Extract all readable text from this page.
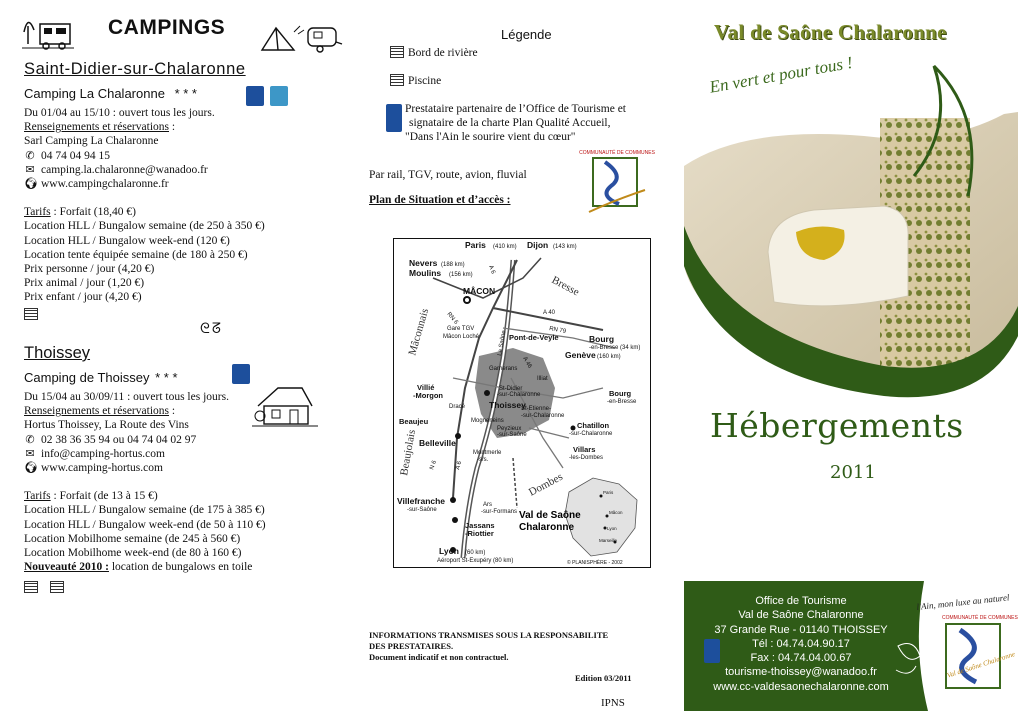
CAMPINGS
Saint-Didier-sur-Chalaronne
Camping La Chalaronne * * *

Du 01/04 au 15/10 : ouvert tous les jours.
Renseignements et réservations :
Sarl Camping La Chalaronne
✆ 04 74 04 94 15
✉ camping.la.chalaronne@wanadoo.fr
🌍︎ www.campingchalaronne.fr
Tarifs : Forfait (18,40 €)
Location HLL / Bungalow semaine (de 250 à 350 €)
Location HLL / Bungalow week-end (120 €)
Location tente équipée semaine (de 180 à 250 €)
Prix personne / jour (4,20 €)
Prix animal / jour (1,20 €)
Prix enfant / jour (4,20 €)
ᘓᘔ
Thoissey
Camping de Thoissey * * *
Du 15/04 au 30/09/11 : ouvert tous les jours.
Renseignements et réservations :
Hortus Thoissey, La Route des Vins
✆ 02 38 36 35 94 ou 04 74 04 02 97
✉ info@camping-hortus.com
🌍︎ www.camping-hortus.com
Tarifs : Forfait (de 13 à 15 €)
Location HLL / Bungalow semaine (de 175 à 385 €)
Location HLL / Bungalow week-end (de 50 à 110 €)
Location Mobilhome semaine (de 245 à 560 €)
Location Mobilhome week-end (de 80 à 160 €)
Nouveauté 2010 : location de bungalows en toile

Légende
Bord de rivière
Piscine
Prestataire partenaire de l’Office de Tourisme et
signataire de la charte Plan Qualité Accueil,
"Dans l'Ain le sourire vient du cœur"
Par rail, TGV, route, avion, fluvial
Plan de Situation et d’accès :
COMMUNAUTÉ DE COMMUNES
Paris (410 km) Dijon (143 km)
Nevers (188 km)
Moulins (156 km)
MÂCON	Bresse
Mâconnais	Gare TGV
Mâcon Loché	Pont-de-Veyle	Bourg
-en-Bresse (34 km)
Genève (160 km)
Garnerans
Illiat
St-Didier
-sur-Chalaronne
Thoissey
St-Etienne-
-sur-Chalaronne
Villié
-Morgon
Dracé
Mogneneins
Peyzieux
-sur-Saône
Beaujeu
Belleville
Montmerle
-s/s.
Chatillon
-sur-Chalaronne
Villars
-les-Dombes
Bourg
-en-Bresse
Beaujolais
Dombes
Villefranche
-sur-Saône
Ars
-sur-Formans
Jassans
-Riottier
Val de Saône
Chalaronne
Lyon (60 km)
Aéroport St-Exupéry (80 km)	© PLANISPHÈRE - 2002
Paris
Mâcon
Lyon
Marseille
A 6
A 40
RN 79
A 46
N 6
RN 6
A 6
La Saône
INFORMATIONS TRANSMISES SOUS LA RESPONSABILITE
DES PRESTATAIRES.
Document indicatif et non contractuel.
Edition 03/2011
IPNS
Val de Saône Chalaronne
En vert et pour tous !
Hébergements
2011
Office de Tourisme
Val de Saône Chalaronne
37 Grande Rue - 01140 THOISSEY
Tél : 04.74.04.90.17
Fax : 04.74.04.00.67
tourisme-thoissey@wanadoo.fr
www.cc-valdesaonechalaronne.com
l'Ain, mon luxe au naturel
COMMUNAUTÉ DE COMMUNES
Val de Saône Chalaronne
